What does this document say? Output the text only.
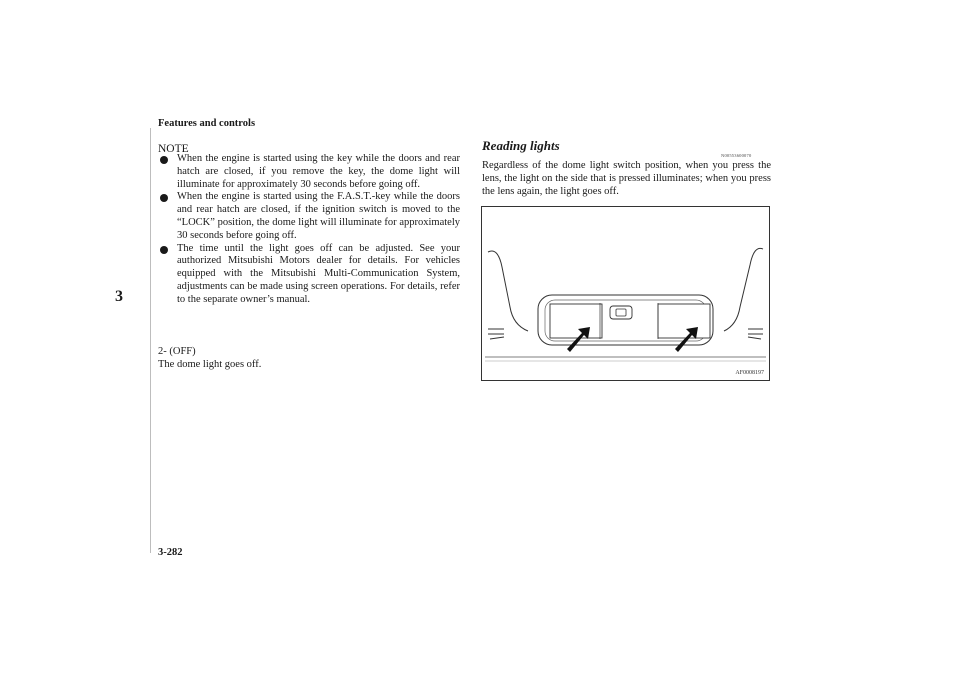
Features and controls
3
NOTE
When the engine is started using the key while the doors and rear hatch are closed, if you remove the key, the dome light will illuminate for approximately 30 seconds before going off.
When the engine is started using the F.A.S.T.-key while the doors and rear hatch are closed, if the ignition switch is moved to the “LOCK” position, the dome light will illuminate for approximately 30 seconds before going off.
The time until the light goes off can be adjusted. See your authorized Mitsubishi Motors dealer for details. For vehicles equipped with the Mitsubishi Multi-Communication System, adjustments can be made using screen operations. For details, refer to the separate owner’s manual.
2- (OFF)
The dome light goes off.
Reading lights
N00553600070
Regardless of the dome light switch position, when you press the lens, the light on the side that is pressed illuminates; when you press the lens again, the light goes off.
AF0008197
3-282
